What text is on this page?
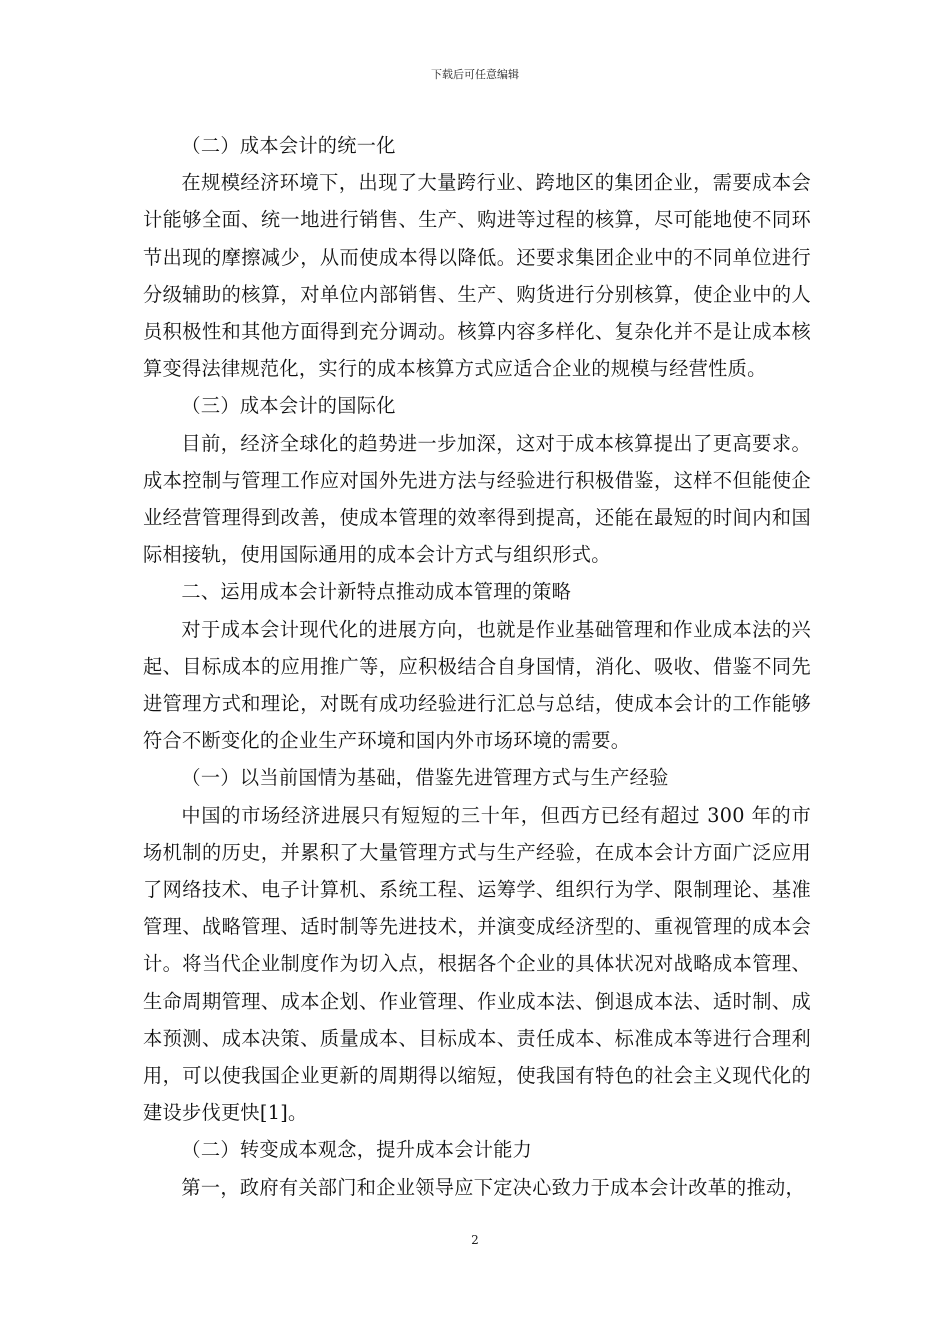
下载后可任意编辑

（二）成本会计的统一化

在规模经济环境下，出现了大量跨行业、跨地区的集团企业，需要成本会计能够全面、统一地进行销售、生产、购进等过程的核算，尽可能地使不同环节出现的摩擦减少，从而使成本得以降低。还要求集团企业中的不同单位进行分级辅助的核算，对单位内部销售、生产、购货进行分别核算，使企业中的人员积极性和其他方面得到充分调动。核算内容多样化、复杂化并不是让成本核算变得法律规范化，实行的成本核算方式应适合企业的规模与经营性质。

（三）成本会计的国际化

目前，经济全球化的趋势进一步加深，这对于成本核算提出了更高要求。成本控制与管理工作应对国外先进方法与经验进行积极借鉴，这样不但能使企业经营管理得到改善，使成本管理的效率得到提高，还能在最短的时间内和国际相接轨，使用国际通用的成本会计方式与组织形式。

二、运用成本会计新特点推动成本管理的策略

对于成本会计现代化的进展方向，也就是作业基础管理和作业成本法的兴起、目标成本的应用推广等，应积极结合自身国情，消化、吸收、借鉴不同先进管理方式和理论，对既有成功经验进行汇总与总结，使成本会计的工作能够符合不断变化的企业生产环境和国内外市场环境的需要。

（一）以当前国情为基础，借鉴先进管理方式与生产经验

中国的市场经济进展只有短短的三十年，但西方已经有超过 300 年的市场机制的历史，并累积了大量管理方式与生产经验，在成本会计方面广泛应用了网络技术、电子计算机、系统工程、运筹学、组织行为学、限制理论、基准管理、战略管理、适时制等先进技术，并演变成经济型的、重视管理的成本会计。将当代企业制度作为切入点，根据各个企业的具体状况对战略成本管理、生命周期管理、成本企划、作业管理、作业成本法、倒退成本法、适时制、成本预测、成本决策、质量成本、目标成本、责任成本、标准成本等进行合理利用，可以使我国企业更新的周期得以缩短，使我国有特色的社会主义现代化的建设步伐更快[1]。

（二）转变成本观念，提升成本会计能力

第一，政府有关部门和企业领导应下定决心致力于成本会计改革的推动，

2
